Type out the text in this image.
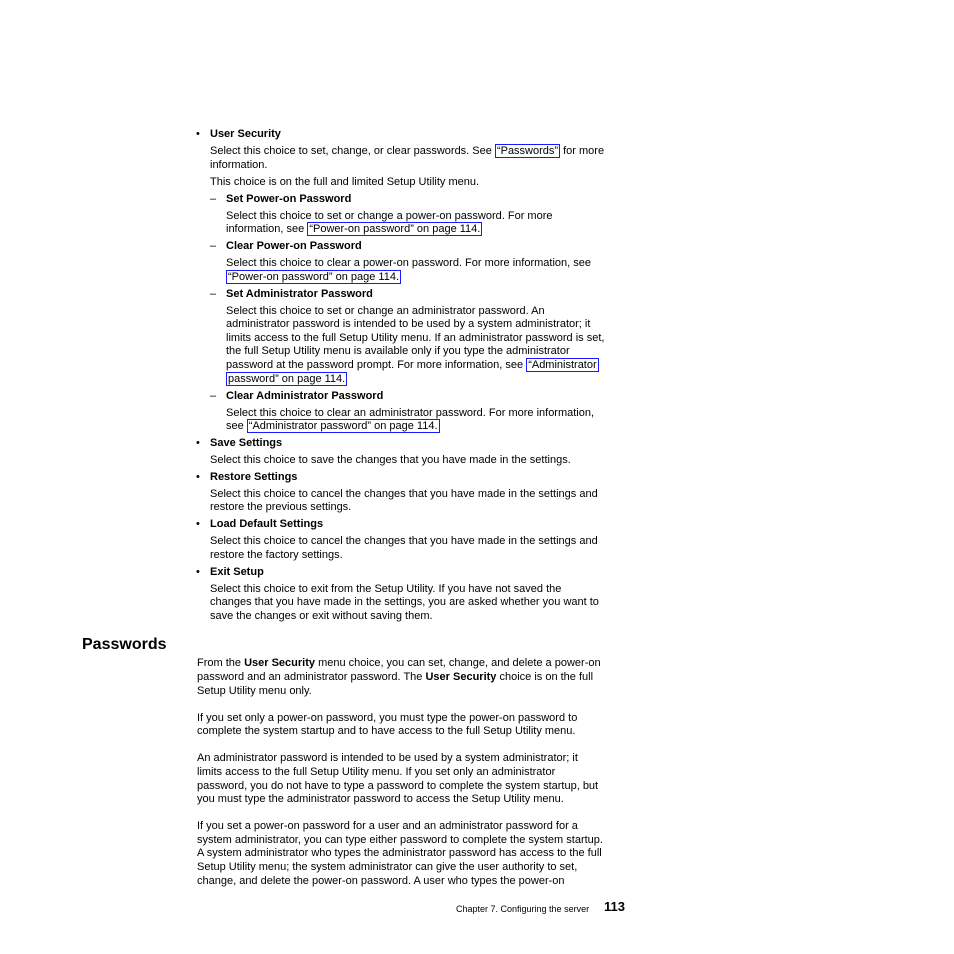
• User Security
Select this choice to set, change, or clear passwords. See “Passwords” for more
information.
This choice is on the full and limited Setup Utility menu.
– Set Power-on Password
Select this choice to set or change a power-on password. For more
information, see “Power-on password” on page 114.
– Clear Power-on Password
Select this choice to clear a power-on password. For more information, see
“Power-on password” on page 114.
– Set Administrator Password
Select this choice to set or change an administrator password. An
administrator password is intended to be used by a system administrator; it
limits access to the full Setup Utility menu. If an administrator password is set,
the full Setup Utility menu is available only if you type the administrator
password at the password prompt. For more information, see “Administrator
password” on page 114.
– Clear Administrator Password
Select this choice to clear an administrator password. For more information,
see “Administrator password” on page 114.
• Save Settings
Select this choice to save the changes that you have made in the settings.
• Restore Settings
Select this choice to cancel the changes that you have made in the settings and
restore the previous settings.
• Load Default Settings
Select this choice to cancel the changes that you have made in the settings and
restore the factory settings.
• Exit Setup
Select this choice to exit from the Setup Utility. If you have not saved the
changes that you have made in the settings, you are asked whether you want to
save the changes or exit without saving them.
Passwords
From the User Security menu choice, you can set, change, and delete a power-on
password and an administrator password. The User Security choice is on the full
Setup Utility menu only.
If you set only a power-on password, you must type the power-on password to
complete the system startup and to have access to the full Setup Utility menu.
An administrator password is intended to be used by a system administrator; it
limits access to the full Setup Utility menu. If you set only an administrator
password, you do not have to type a password to complete the system startup, but
you must type the administrator password to access the Setup Utility menu.
If you set a power-on password for a user and an administrator password for a
system administrator, you can type either password to complete the system startup.
A system administrator who types the administrator password has access to the full
Setup Utility menu; the system administrator can give the user authority to set,
change, and delete the power-on password. A user who types the power-on
Chapter 7. Configuring the server 113
